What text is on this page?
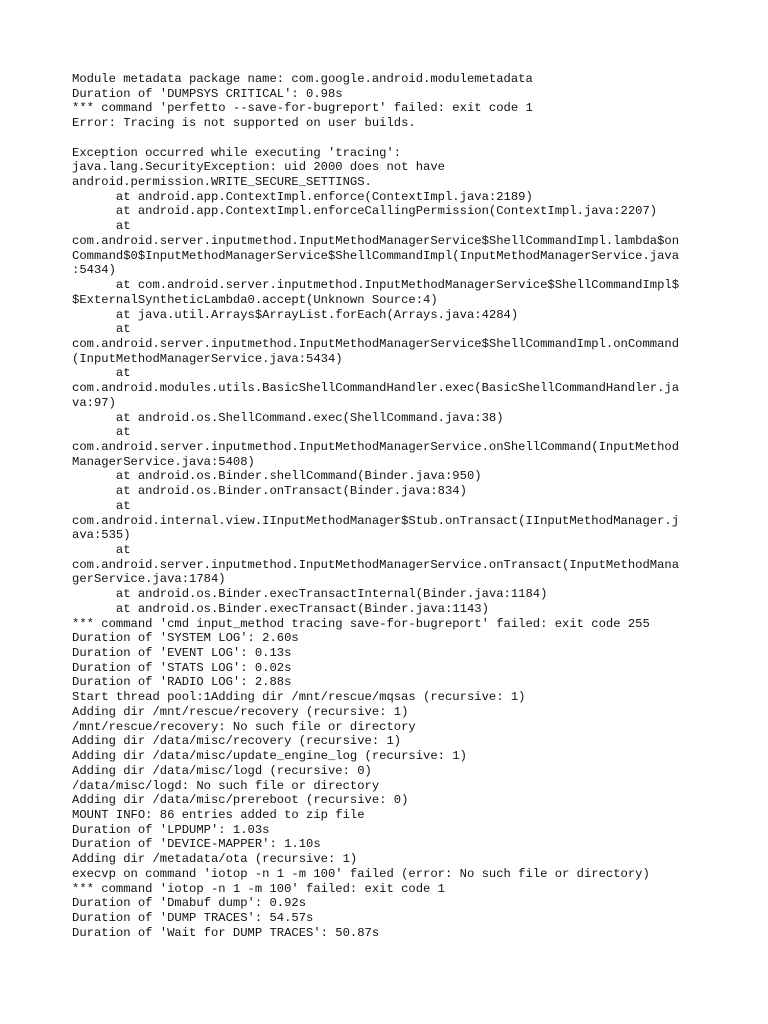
Module metadata package name: com.google.android.modulemetadata
Duration of 'DUMPSYS CRITICAL': 0.98s
*** command 'perfetto --save-for-bugreport' failed: exit code 1
Error: Tracing is not supported on user builds.
Exception occurred while executing 'tracing':
java.lang.SecurityException: uid 2000 does not have
android.permission.WRITE_SECURE_SETTINGS.
at android.app.ContextImpl.enforce(ContextImpl.java:2189)
at android.app.ContextImpl.enforceCallingPermission(ContextImpl.java:2207)
at
com.android.server.inputmethod.InputMethodManagerService$ShellCommandImpl.lambda$on
Command$0$InputMethodManagerService$ShellCommandImpl(InputMethodManagerService.java
:5434)
at com.android.server.inputmethod.InputMethodManagerService$ShellCommandImpl$
$ExternalSyntheticLambda0.accept(Unknown Source:4)
at java.util.Arrays$ArrayList.forEach(Arrays.java:4284)
at
com.android.server.inputmethod.InputMethodManagerService$ShellCommandImpl.onCommand
(InputMethodManagerService.java:5434)
at
com.android.modules.utils.BasicShellCommandHandler.exec(BasicShellCommandHandler.ja
va:97)
at android.os.ShellCommand.exec(ShellCommand.java:38)
at
com.android.server.inputmethod.InputMethodManagerService.onShellCommand(InputMethod
ManagerService.java:5408)
at android.os.Binder.shellCommand(Binder.java:950)
at android.os.Binder.onTransact(Binder.java:834)
at
com.android.internal.view.IInputMethodManager$Stub.onTransact(IInputMethodManager.j
ava:535)
at
com.android.server.inputmethod.InputMethodManagerService.onTransact(InputMethodMana
gerService.java:1784)
at android.os.Binder.execTransactInternal(Binder.java:1184)
at android.os.Binder.execTransact(Binder.java:1143)
*** command 'cmd input_method tracing save-for-bugreport' failed: exit code 255
Duration of 'SYSTEM LOG': 2.60s
Duration of 'EVENT LOG': 0.13s
Duration of 'STATS LOG': 0.02s
Duration of 'RADIO LOG': 2.88s
Start thread pool:1Adding dir /mnt/rescue/mqsas (recursive: 1)
Adding dir /mnt/rescue/recovery (recursive: 1)
/mnt/rescue/recovery: No such file or directory
Adding dir /data/misc/recovery (recursive: 1)
Adding dir /data/misc/update_engine_log (recursive: 1)
Adding dir /data/misc/logd (recursive: 0)
/data/misc/logd: No such file or directory
Adding dir /data/misc/prereboot (recursive: 0)
MOUNT INFO: 86 entries added to zip file
Duration of 'LPDUMP': 1.03s
Duration of 'DEVICE-MAPPER': 1.10s
Adding dir /metadata/ota (recursive: 1)
execvp on command 'iotop -n 1 -m 100' failed (error: No such file or directory)
*** command 'iotop -n 1 -m 100' failed: exit code 1
Duration of 'Dmabuf dump': 0.92s
Duration of 'DUMP TRACES': 54.57s
Duration of 'Wait for DUMP TRACES': 50.87s
